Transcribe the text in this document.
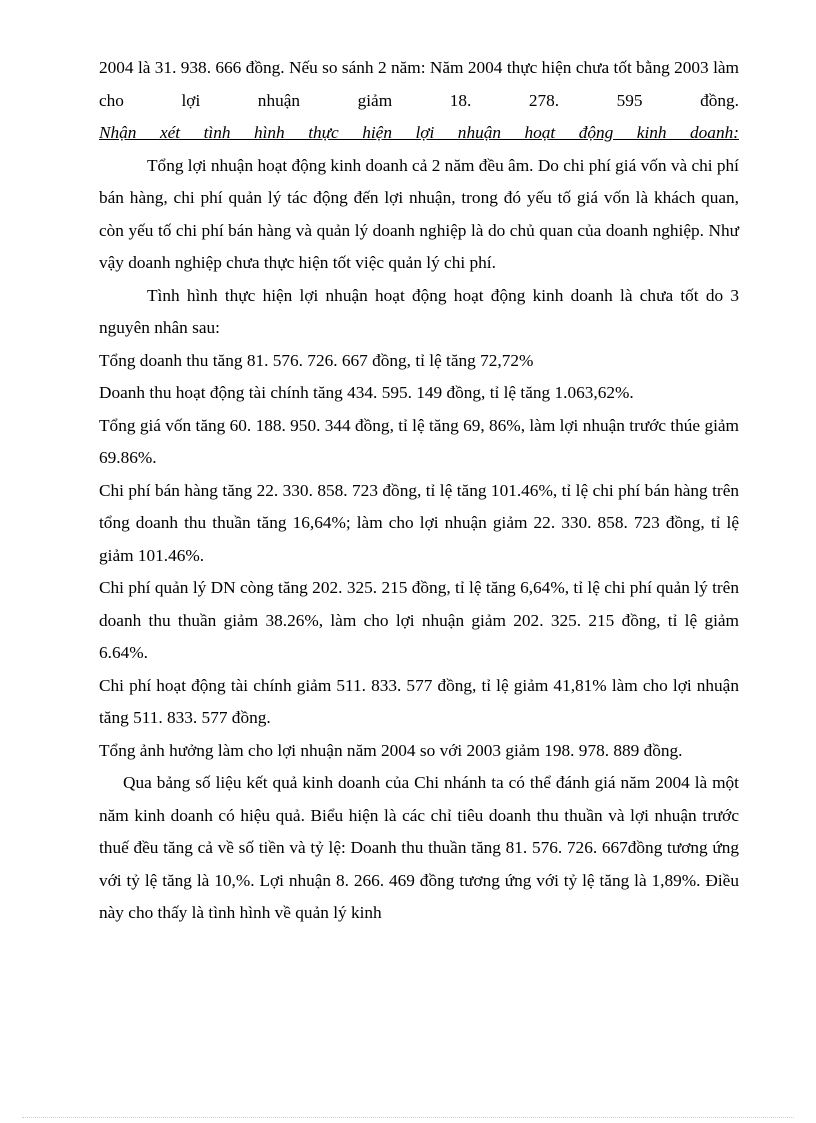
2004 là 31. 938. 666 đồng. Nếu so sánh 2 năm: Năm 2004 thực hiện chưa tốt bằng 2003 làm cho lợi nhuận giảm 18. 278. 595 đồng.

Nhận xét tình hình thực hiện lợi nhuận hoạt động kinh doanh:

Tổng lợi nhuận hoạt động kinh doanh cả 2 năm đều âm. Do chi phí giá vốn và chi phí bán hàng, chi phí quản lý tác động đến lợi nhuận, trong đó yếu tố giá vốn là khách quan, còn yếu tố chi phí bán hàng và quản lý doanh nghiệp là do chủ quan của doanh nghiệp. Như vậy doanh nghiệp chưa thực hiện tốt việc quản lý chi phí.

Tình hình thực hiện lợi nhuận hoạt động hoạt động kinh doanh là chưa tốt do 3 nguyên nhân sau:

Tổng doanh thu tăng 81. 576. 726. 667 đồng, tỉ lệ tăng 72,72%

Doanh thu hoạt động tài chính tăng 434. 595. 149 đồng, tỉ lệ tăng 1.063,62%.

Tổng giá vốn tăng 60. 188. 950. 344 đồng, tỉ lệ tăng 69, 86%, làm lợi nhuận trước thúe giảm 69.86%.

Chi phí bán hàng tăng 22. 330. 858. 723 đồng, tỉ lệ tăng 101.46%, tỉ lệ chi phí bán hàng trên tổng doanh thu thuần tăng 16,64%; làm cho lợi nhuận giảm 22. 330. 858. 723 đồng, tỉ lệ giảm 101.46%.

Chi phí quản lý DN còng tăng 202. 325. 215 đồng, tỉ lệ tăng 6,64%, tỉ lệ chi phí quản lý trên doanh thu thuần giảm 38.26%, làm cho lợi nhuận giảm 202. 325. 215 đồng, tỉ lệ giảm 6.64%.

Chi phí hoạt động tài chính giảm 511. 833. 577 đồng, tỉ lệ giảm 41,81% làm cho lợi nhuận tăng 511. 833. 577 đồng.

Tổng ảnh hưởng làm cho lợi nhuận năm 2004 so với 2003 giảm 198. 978. 889 đồng.

Qua bảng số liệu kết quả kinh doanh của Chi nhánh ta có thể đánh giá năm 2004 là một năm kinh doanh có hiệu quả. Biểu hiện là các chỉ tiêu doanh thu thuần và lợi nhuận trước thuế đều tăng cả về số tiền và tỷ lệ: Doanh thu thuần tăng 81. 576. 726. 667đồng tương ứng với tỷ lệ tăng là 10,%. Lợi nhuận 8. 266. 469 đồng tương ứng với tỷ lệ tăng là 1,89%. Điều này cho thấy là tình hình về quản lý kinh
